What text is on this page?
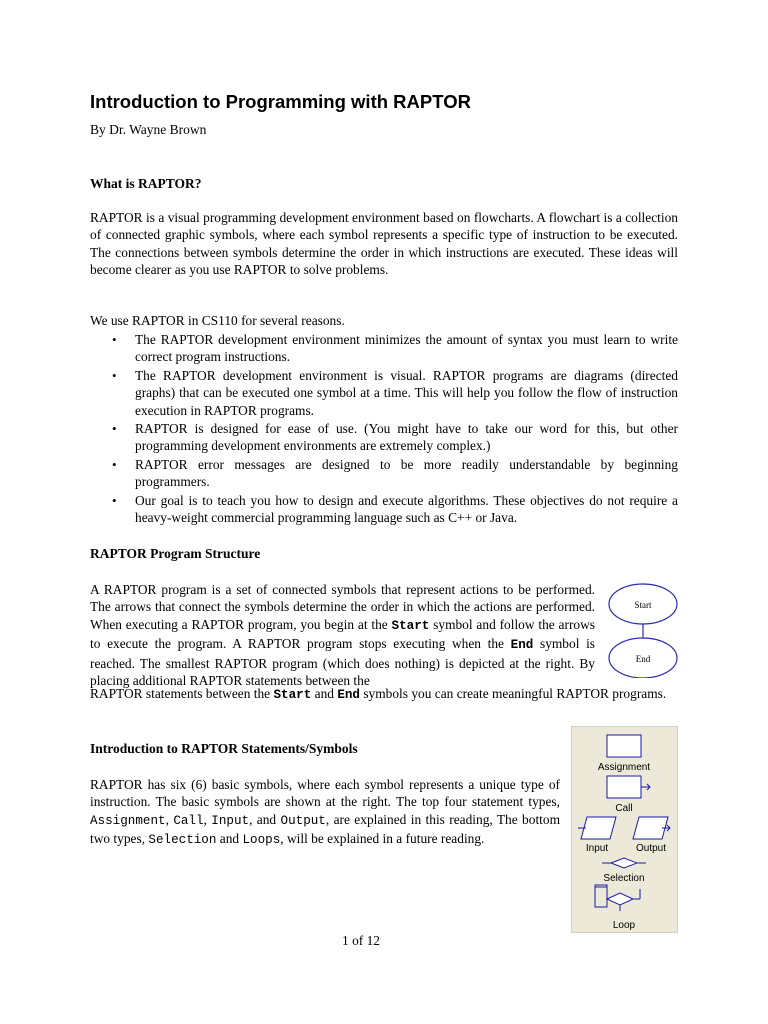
Introduction to Programming with RAPTOR
By Dr. Wayne Brown
What is RAPTOR?

RAPTOR is a visual programming development environment based on flowcharts. A flowchart is a collection of connected graphic symbols, where each symbol represents a specific type of instruction to be executed. The connections between symbols determine the order in which instructions are executed. These ideas will become clearer as you use RAPTOR to solve problems.

We use RAPTOR in CS110 for several reasons.
• The RAPTOR development environment minimizes the amount of syntax you must learn to write correct program instructions.
• The RAPTOR development environment is visual. RAPTOR programs are diagrams (directed graphs) that can be executed one symbol at a time. This will help you follow the flow of instruction execution in RAPTOR programs.
• RAPTOR is designed for ease of use. (You might have to take our word for this, but other programming development environments are extremely complex.)
• RAPTOR error messages are designed to be more readily understandable by beginning programmers.
• Our goal is to teach you how to design and execute algorithms. These objectives do not require a heavy-weight commercial programming language such as C++ or Java.
RAPTOR Program Structure

A RAPTOR program is a set of connected symbols that represent actions to be performed. The arrows that connect the symbols determine the order in which the actions are performed. When executing a RAPTOR program, you begin at the Start symbol and follow the arrows to execute the program. A RAPTOR program stops executing when the End symbol is reached. The smallest RAPTOR program (which does nothing) is depicted at the right. By placing additional RAPTOR statements between the

RAPTOR statements between the Start and End symbols you can create meaningful RAPTOR programs.

Start
End
Introduction to RAPTOR Statements/Symbols

RAPTOR has six (6) basic symbols, where each symbol represents a unique type of instruction. The basic symbols are shown at the right. The top four statement types, Assignment, Call, Input, and Output, are explained in this reading, The bottom two types, Selection and Loops, will be explained in a future reading.

Assignment
Call
Input	Output
Selection
Loop
1 of 12
